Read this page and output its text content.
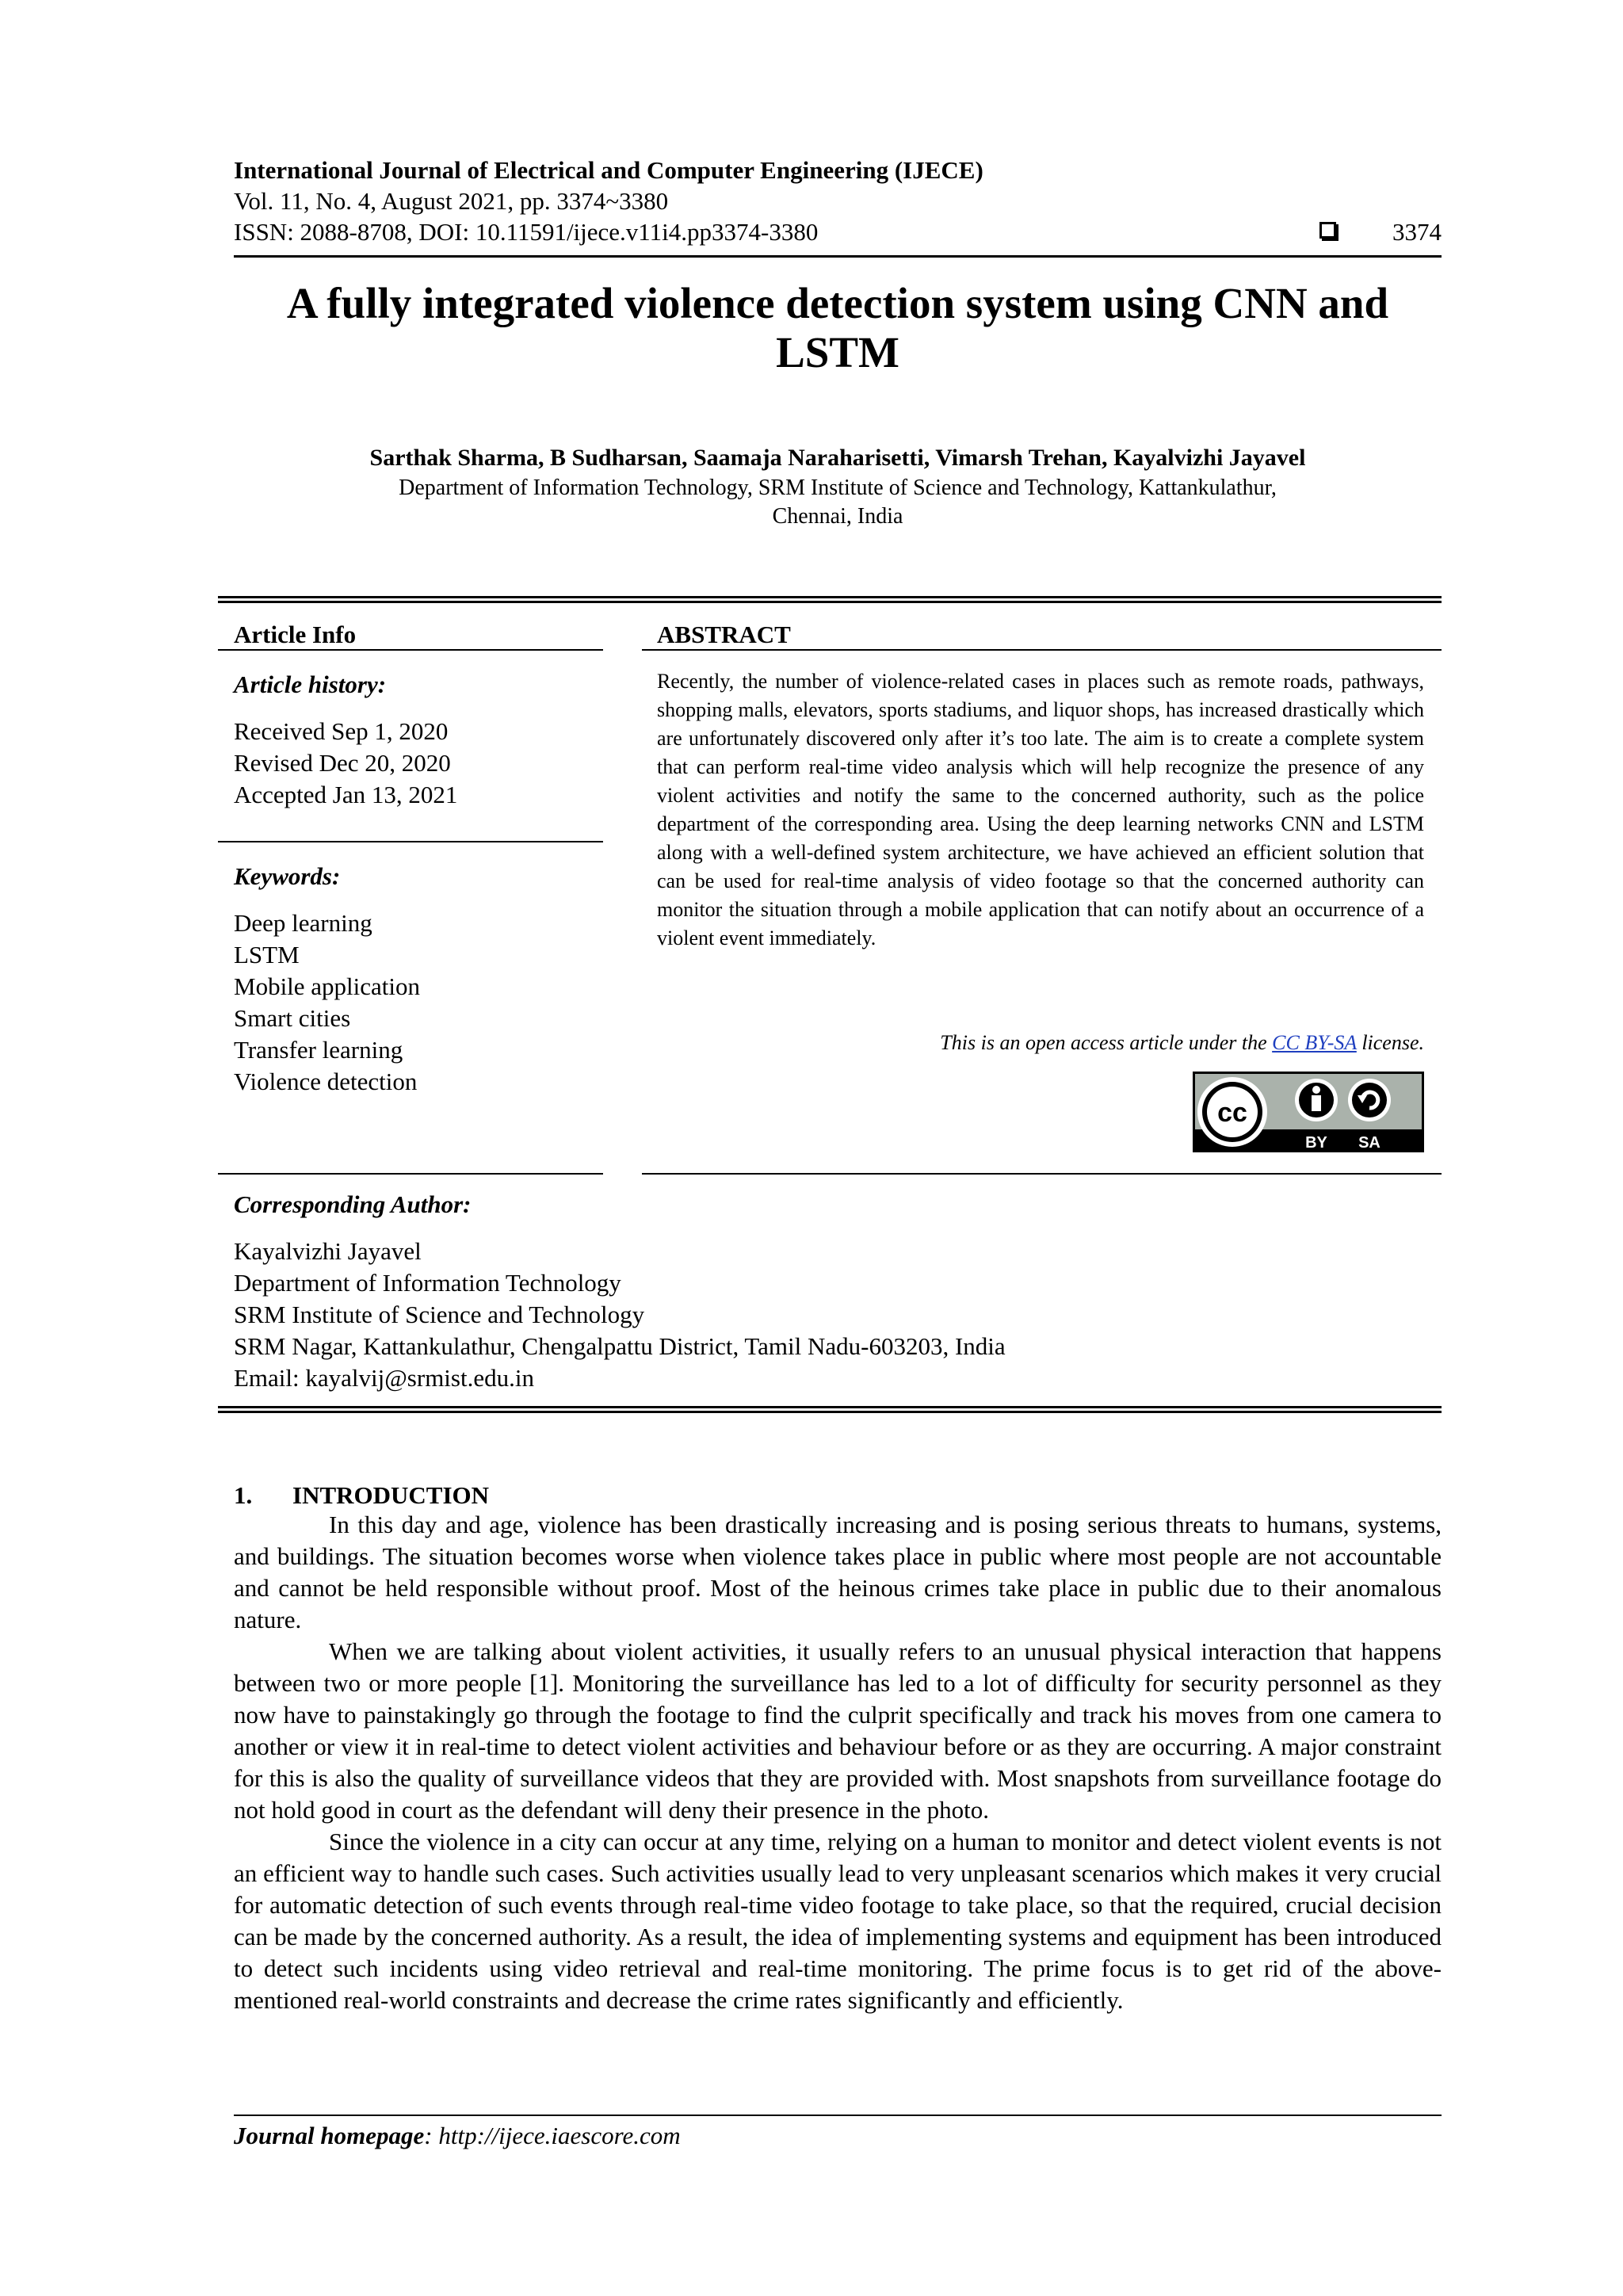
International Journal of Electrical and Computer Engineering (IJECE)
Vol. 11, No. 4, August 2021, pp. 3374~3380
ISSN: 2088-8708, DOI: 10.11591/ijece.v11i4.pp3374-3380	3374
A fully integrated violence detection system using CNN and
LSTM
Sarthak Sharma, B Sudharsan, Saamaja Naraharisetti, Vimarsh Trehan, Kayalvizhi Jayavel
Department of Information Technology, SRM Institute of Science and Technology, Kattankulathur,
Chennai, India
Article Info
Article history:
Received Sep 1, 2020
Revised Dec 20, 2020
Accepted Jan 13, 2021
Keywords:
Deep learning
LSTM
Mobile application
Smart cities
Transfer learning
Violence detection
ABSTRACT
Recently, the number of violence-related cases in places such as remote roads, pathways, shopping malls, elevators, sports stadiums, and liquor shops, has increased drastically which are unfortunately discovered only after it’s too late. The aim is to create a complete system that can perform real-time video analysis which will help recognize the presence of any violent activities and notify the same to the concerned authority, such as the police department of the corresponding area. Using the deep learning networks CNN and LSTM along with a well-defined system architecture, we have achieved an efficient solution that can be used for real-time analysis of video footage so that the concerned authority can monitor the situation through a mobile application that can notify about an occurrence of a violent event immediately.
This is an open access article under the CC BY-SA license.
cc
BY SA
Corresponding Author:
Kayalvizhi Jayavel
Department of Information Technology
SRM Institute of Science and Technology
SRM Nagar, Kattankulathur, Chengalpattu District, Tamil Nadu-603203, India
Email: kayalvij@srmist.edu.in
1. INTRODUCTION

In this day and age, violence has been drastically increasing and is posing serious threats to humans, systems, and buildings. The situation becomes worse when violence takes place in public where most people are not accountable and cannot be held responsible without proof. Most of the heinous crimes take place in public due to their anomalous nature.

When we are talking about violent activities, it usually refers to an unusual physical interaction that happens between two or more people [1]. Monitoring the surveillance has led to a lot of difficulty for security personnel as they now have to painstakingly go through the footage to find the culprit specifically and track his moves from one camera to another or view it in real-time to detect violent activities and behaviour before or as they are occurring. A major constraint for this is also the quality of surveillance videos that they are provided with. Most snapshots from surveillance footage do not hold good in court as the defendant will deny their presence in the photo.

Since the violence in a city can occur at any time, relying on a human to monitor and detect violent events is not an efficient way to handle such cases. Such activities usually lead to very unpleasant scenarios which makes it very crucial for automatic detection of such events through real-time video footage to take place, so that the required, crucial decision can be made by the concerned authority. As a result, the idea of implementing systems and equipment has been introduced to detect such incidents using video retrieval and real-time monitoring. The prime focus is to get rid of the above-mentioned real-world constraints and decrease the crime rates significantly and efficiently.

Journal homepage: http://ijece.iaescore.com
